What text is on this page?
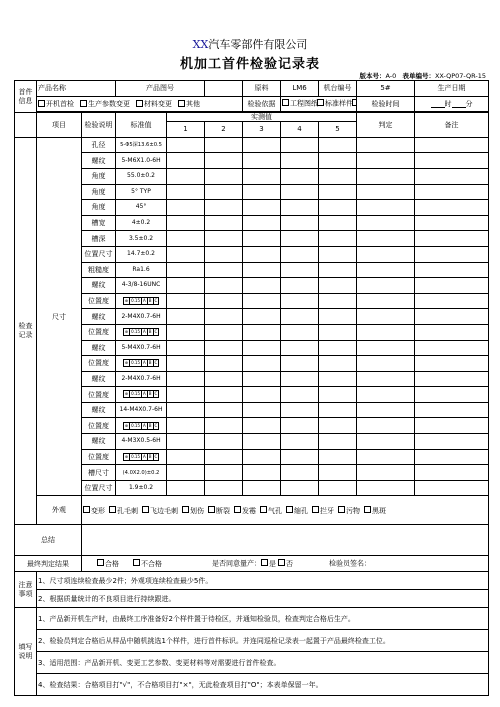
XX汽车零部件有限公司
机加工首件检验记录表
版本号：A-0 表单编号：XX-QP07-QR-15
首件信息	产品名称		产品图号			原料	LM6	机台编号	5#	生产日期
	开机首检 生产参数变更 材料变更 其他					检验依据	工程图纸 标准样件		检验时间	时 分

	项目	检验说明	标准值	实测值					判定	备注
				1	2	3	4	5		
检查记录	尺寸	孔径	5-Φ5深13.6±0.5							
		螺纹	5-M6X1.0-6H							
		角度	55.0±0.2							
		角度	5° TYP							
		角度	45°							
		槽宽	4±0.2							
		槽深	3.5±0.2							
		位置尺寸	14.7±0.2							
		粗糙度	Ra1.6							
		螺纹	4-3/8-16UNC							
		位置度	⊕ 0.15 A B C							
		螺纹	2-M4X0.7-6H							
		位置度	⊕ 0.15 A B C							
		螺纹	5-M4X0.7-6H							
		位置度	⊕ 0.15 A B C							
		螺纹	2-M4X0.7-6H							
		位置度	⊕ 0.15 A B C							
		螺纹	14-M4X0.7-6H							
		位置度	⊕ 0.15 A B C							
		螺纹	4-M3X0.5-6H							
		位置度	⊕ 0.15 A B C							
		槽尺寸	(4.0X2.0)±0.2							
		位置尺寸	1.9±0.2							
	外观	变形 孔毛刺 飞边毛刺 划伤 断裂 发霉 气孔 缩孔 拦牙 污物 黑斑								
总结										
最终判定结果		合格 不合格 是否同意量产： 是 否 检验员签名：								
注意事项	1、尺寸项连续检查最少2件；外观项连续检查最少5件。									
	2、根据质量统计的不良项目进行持续跟进。									
填写说明	1、产品新开机生产时，由最终工序准备好2个样件置于待检区，并通知检验员，检查判定合格后生产。									
	2、检验员判定合格后从样品中随机挑选1个样件，进行首件标识。并连同巡检记录表一起置于产品最终检查工位。									
	3、适用范围：产品新开机、变更工艺参数、变更材料等对需要进行首件检查。									
	4、检查结果：合格项目打"√"，不合格项目打"×"，无此检查项目打"O"；本表单保留一年。									
